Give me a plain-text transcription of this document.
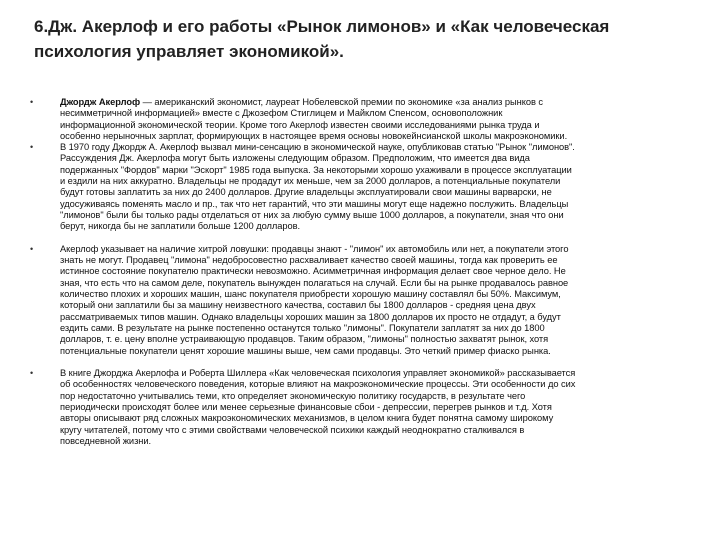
6.Дж. Акерлоф и его работы «Рынок лимонов» и «Как человеческая
психология управляет экономикой».
•	Джордж Акерлоф — американский экономист, лауреат Нобелевской премии по экономике «за анализ рынков с
несимметричной информацией» вместе с Джозефом Стиглицем и Майклом Спенсом, основоположник
информационной экономической теории. Кроме того Акерлоф известен своими исследованиями рынка труда и
особенно нерыночных зарплат, формирующих в настоящее время основы новокейнсианской школы макроэкономики.
•	В 1970 году Джордж А. Акерлоф вызвал мини-сенсацию в экономической науке, опубликовав статью "Рынок "лимонов".
Рассуждения Дж. Акерлофа могут быть изложены следующим образом. Предположим, что имеется два вида
подержанных "Фордов" марки "Эскорт" 1985 года выпуска. За некоторыми хорошо ухаживали в процессе эксплуатации
и ездили на них аккуратно. Владельцы не продадут их меньше, чем за 2000 долларов, а потенциальные покупатели
будут готовы заплатить за них до 2400 долларов. Другие владельцы эксплуатировали свои машины варварски, не
удосуживаясь поменять масло и пр., так что нет гарантий, что эти машины могут еще надежно послужить. Владельцы
"лимонов" были бы только рады отделаться от них за любую сумму выше 1000 долларов, а покупатели, зная что они
берут, никогда бы не заплатили больше 1200 долларов.
•	Акерлоф указывает на наличие хитрой ловушки: продавцы знают - "лимон" их автомобиль или нет, а покупатели этого
знать не могут. Продавец "лимона" недобросовестно расхваливает качество своей машины, тогда как проверить ее
истинное состояние покупателю практически невозможно. Асимметричная информация делает свое черное дело. Не
зная, что есть что на самом деле, покупатель вынужден полагаться на случай. Если бы на рынке продавалось равное
количество плохих и хороших машин, шанс покупателя приобрести хорошую машину составлял бы 50%. Максимум,
который они заплатили бы за машину неизвестного качества, составил бы 1800 долларов - средняя цена двух
рассматриваемых типов машин. Однако владельцы хороших машин за 1800 долларов их просто не отдадут, а будут
ездить сами. В результате на рынке постепенно останутся только "лимоны". Покупатели заплатят за них до 1800
долларов, т. е. цену вполне устраивающую продавцов. Таким образом, "лимоны" полностью захватят рынок, хотя
потенциальные покупатели ценят хорошие машины выше, чем сами продавцы. Это четкий пример фиаско рынка.
•	В книге Джорджа Акерлофа и Роберта Шиллера «Как человеческая психология управляет экономикой» рассказывается
об особенностях человеческого поведения, которые влияют на макроэкономические процессы. Эти особенности до сих
пор недостаточно учитывались теми, кто определяет экономическую политику государств, в результате чего
периодически происходят более или менее серьезные финансовые сбои - депрессии, перегрев рынков и т.д. Хотя
авторы описывают ряд сложных макроэкономических механизмов, в целом книга будет понятна самому широкому
кругу читателей, потому что с этими свойствами человеческой психики каждый неоднократно сталкивался в
повседневной жизни.
